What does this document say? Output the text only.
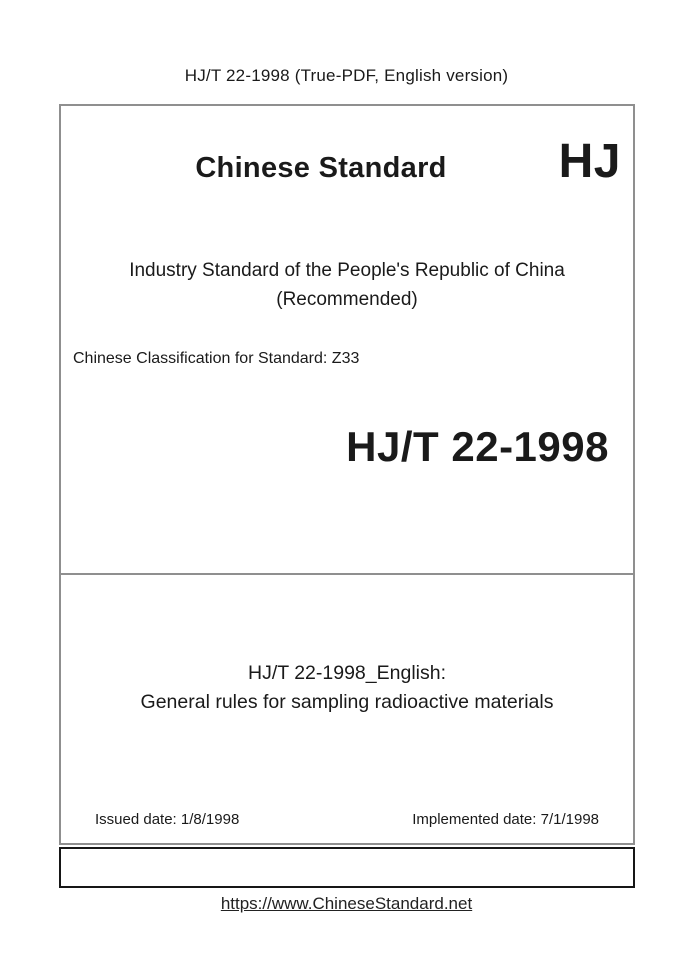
HJ/T 22-1998 (True-PDF, English version)
Chinese Standard	HJ
Industry Standard of the People's Republic of China
(Recommended)
Chinese Classification for Standard: Z33
HJ/T 22-1998
HJ/T 22-1998_English:
General rules for sampling radioactive materials
Issued date: 1/8/1998	Implemented date: 7/1/1998
https://www.ChineseStandard.net
